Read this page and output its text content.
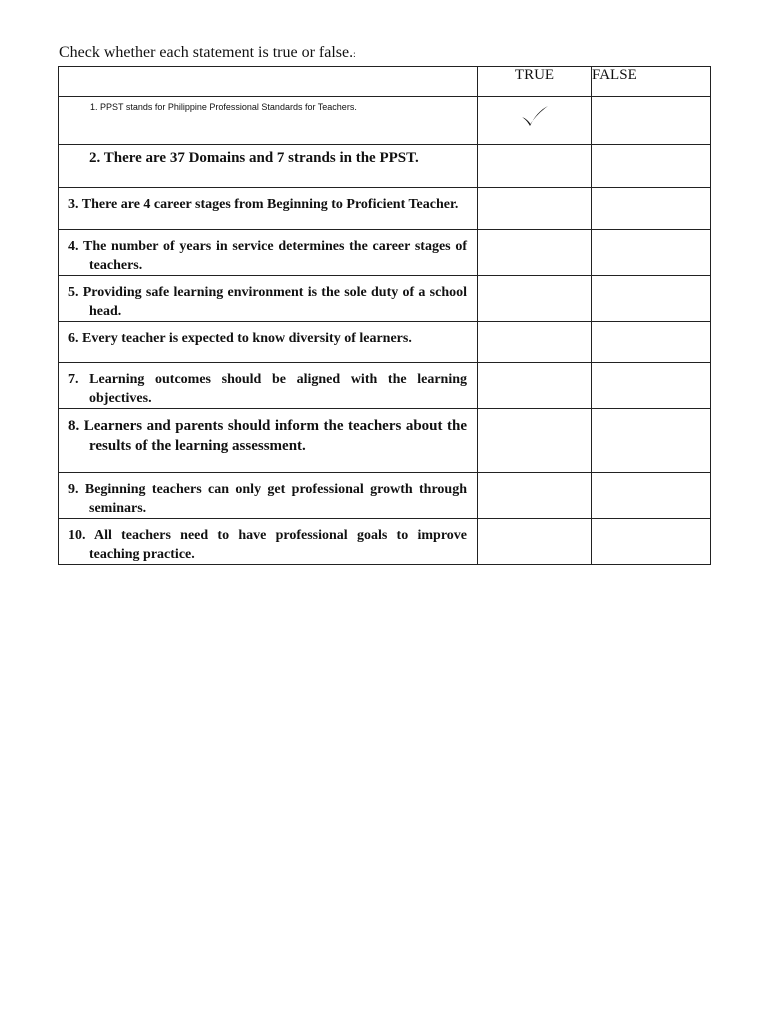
Check whether each statement is true or false.:
	TRUE	FALSE

1. PPST stands for Philippine Professional Standards for Teachers.

2. There are 37 Domains and 7 strands in the PPST.		

3. There are 4 career stages from Beginning to Proficient Teacher.		

4. The number of years in service determines the career stages of teachers.		

5. Providing safe learning environment is the sole duty of a school head.		

6. Every teacher is expected to know diversity of learners.		

7. Learning outcomes should be aligned with the learning objectives.		

8. Learners and parents should inform the teachers about the results of the learning assessment.		

9. Beginning teachers can only get professional growth through seminars.		

10. All teachers need to have professional goals to improve teaching practice.		
